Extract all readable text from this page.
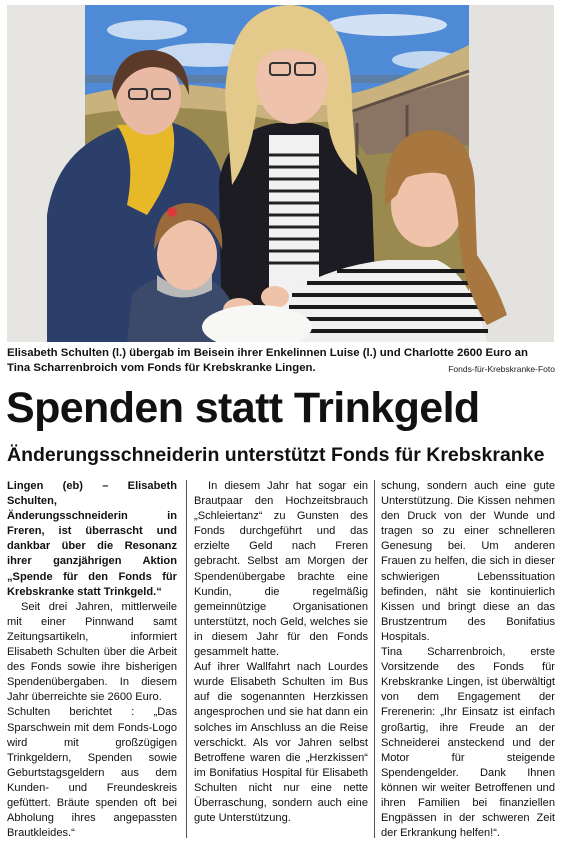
Elisabeth Schulten (l.) übergab im Beisein ihrer Enkelinnen Luise (l.) und Charlotte 2600 Euro an
Tina Scharrenbroich vom Fonds für Krebskranke Lingen.	Fonds-für-Krebskranke-Foto
Spenden statt Trinkgeld
Änderungsschneiderin unterstützt Fonds für Krebskranke

Lingen (eb) – Elisabeth Schulten, Änderungsschneiderin in Freren, ist überrascht und dankbar über die Resonanz ihrer ganzjährigen Aktion „Spende für den Fonds für Krebskranke statt Trinkgeld.“

Seit drei Jahren, mittlerweile mit einer Pinnwand samt Zeitungsartikeln, informiert Elisabeth Schulten über die Arbeit des Fonds sowie ihre bisherigen Spendenübergaben. In diesem Jahr überreichte sie 2600 Euro.

Schulten berichtet : „Das Sparschwein mit dem Fonds-Logo wird mit großzügigen Trinkgeldern, Spenden sowie Geburtstagsgeldern aus dem Kunden- und Freundeskreis gefüttert. Bräute spenden oft bei Abholung ihres angepassten Brautkleides.“

In diesem Jahr hat sogar ein Brautpaar den Hochzeitsbrauch „Schleiertanz“ zu Gunsten des Fonds durchgeführt und das erzielte Geld nach Freren gebracht. Selbst am Morgen der Spendenübergabe brachte eine Kundin, die regelmäßig gemeinnützige Organisationen unterstützt, noch Geld, welches sie in diesem Jahr für den Fonds gesammelt hatte.

Auf ihrer Wallfahrt nach Lourdes wurde Elisabeth Schulten im Bus auf die sogenannten Herzkissen angesprochen und sie hat dann ein solches im Anschluss an die Reise verschickt. Als vor Jahren selbst Betroffene waren die „Herzkissen“ im Bonifatius Hospital für Elisabeth Schulten nicht nur eine nette Überraschung, sondern auch eine gute Unterstützung.

schung, sondern auch eine gute Unterstützung. Die Kissen nehmen den Druck von der Wunde und tragen so zu einer schnelleren Genesung bei. Um anderen Frauen zu helfen, die sich in dieser schwierigen Lebenssituation befinden, näht sie kontinuierlich Kissen und bringt diese an das Brustzentrum des Bonifatius Hospitals.

Tina Scharrenbroich, erste Vorsitzende des Fonds für Krebskranke Lingen, ist überwältigt von dem Engagement der Frerenerin: „Ihr Einsatz ist einfach großartig, ihre Freude an der Schneiderei ansteckend und der Motor für steigende Spendengelder. Dank Ihnen können wir weiter Betroffenen und ihren Familien bei finanziellen Engpässen in der schweren Zeit der Erkrankung helfen!“.
